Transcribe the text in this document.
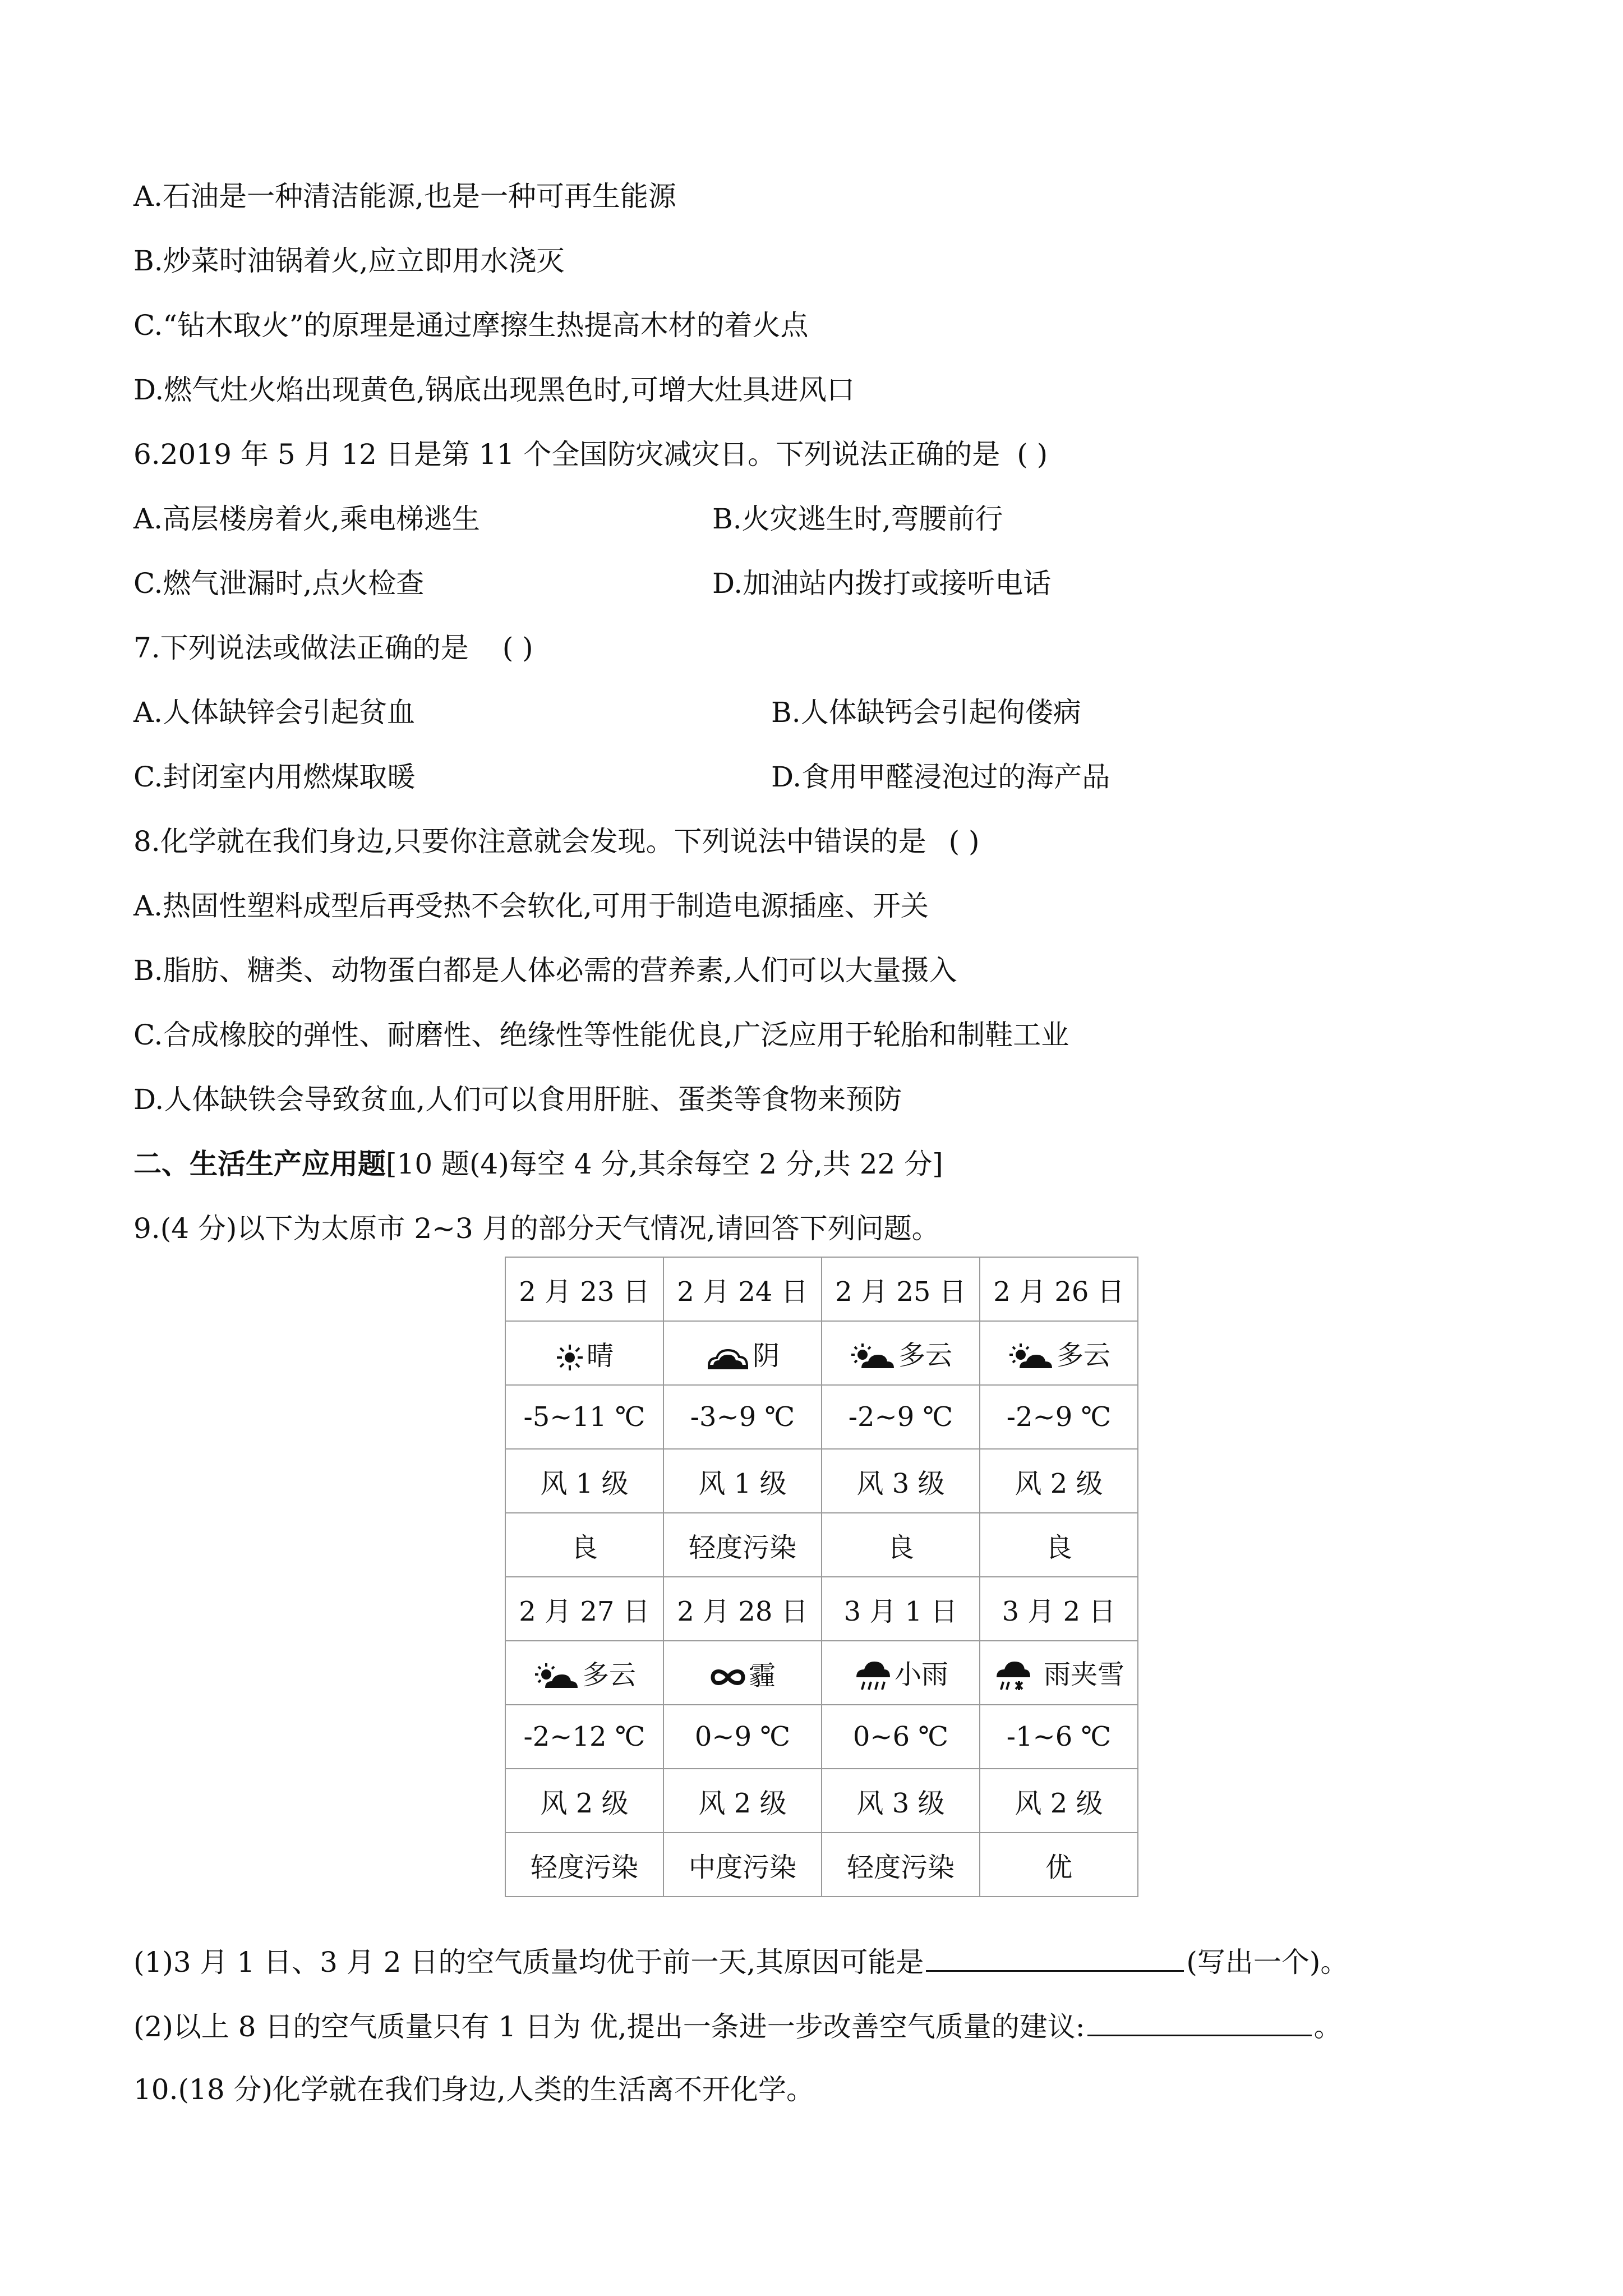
A.石油是一种清洁能源,也是一种可再生能源
B.炒菜时油锅着火,应立即用水浇灭
C.“钻木取火”的原理是通过摩擦生热提高木材的着火点
D.燃气灶火焰出现黄色,锅底出现黑色时,可增大灶具进风口
6.2019 年 5 月 12 日是第 11 个全国防灾减灾日。下列说法正确的是 ( )
A.高层楼房着火,乘电梯逃生	B.火灾逃生时,弯腰前行
C.燃气泄漏时,点火检查	D.加油站内拨打或接听电话
7.下列说法或做法正确的是 ( )
A.人体缺锌会引起贫血	B.人体缺钙会引起佝偻病
C.封闭室内用燃煤取暖	D.食用甲醛浸泡过的海产品
8.化学就在我们身边,只要你注意就会发现。下列说法中错误的是 ( )
A.热固性塑料成型后再受热不会软化,可用于制造电源插座、开关
B.脂肪、糖类、动物蛋白都是人体必需的营养素,人们可以大量摄入
C.合成橡胶的弹性、耐磨性、绝缘性等性能优良,广泛应用于轮胎和制鞋工业
D.人体缺铁会导致贫血,人们可以食用肝脏、蛋类等食物来预防
二、生活生产应用题[10 题(4)每空 4 分,其余每空 2 分,共 22 分]
9.(4 分)以下为太原市 2~3 月的部分天气情况,请回答下列问题。
2 月 23 日	2 月 24 日	2 月 25 日	2 月 26 日
晴	阴	多云	多云
-5~11 ℃	-3~9 ℃	-2~9 ℃	-2~9 ℃
风 1 级	风 1 级	风 3 级	风 2 级
良	轻度污染	良	良
2 月 27 日	2 月 28 日	3 月 1 日	3 月 2 日
多云	霾	小雨	雨夹雪
-2~12 ℃	0~9 ℃	0~6 ℃	-1~6 ℃
风 2 级	风 2 级	风 3 级	风 2 级
轻度污染	中度污染	轻度污染	优
(1)3 月 1 日、3 月 2 日的空气质量均优于前一天,其原因可能是	(写出一个)。
(2)以上 8 日的空气质量只有 1 日为 优,提出一条进一步改善空气质量的建议:	。
10.(18 分)化学就在我们身边,人类的生活离不开化学。
